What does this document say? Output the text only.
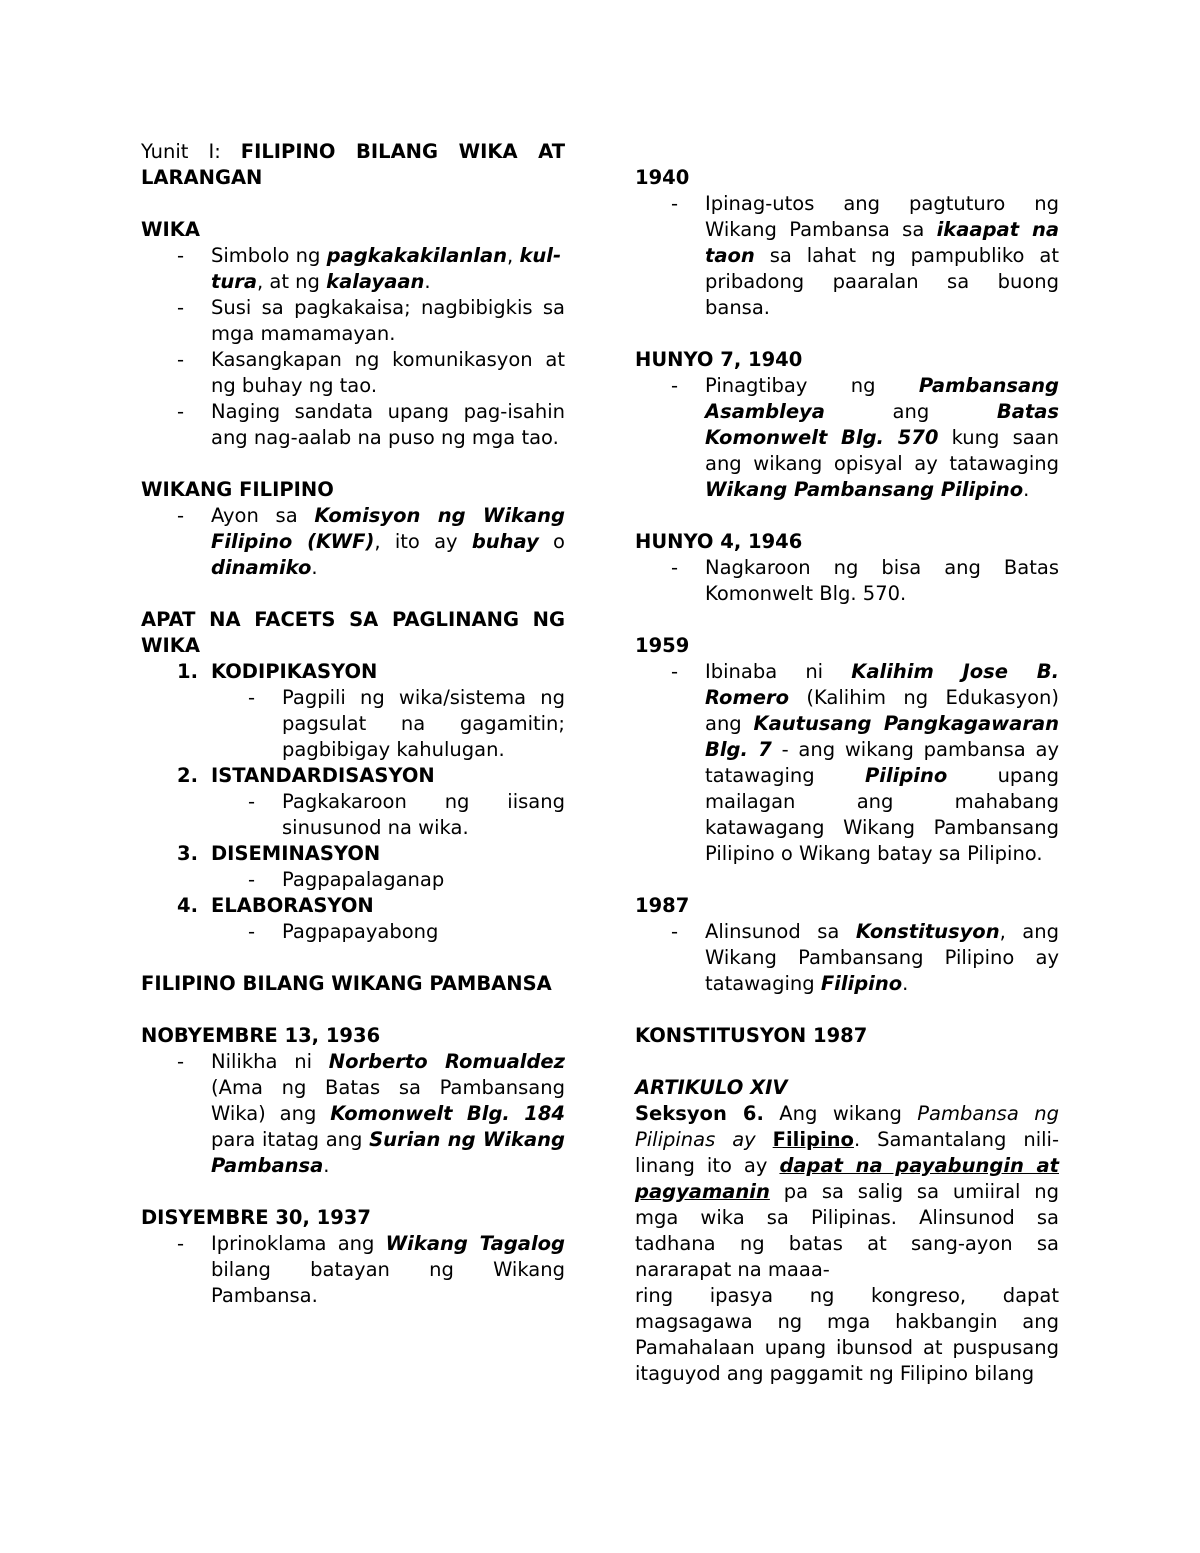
Yunit I: FILIPINO BILANG WIKA AT

LARANGAN

WIKA

- Simbolo ng pagkakakilanlan, kul-
tura, at ng kalayaan.
- Susi sa pagkakaisa; nagbibigkis sa mga mamamayan.
- Kasangkapan ng komunikasyon at ng buhay ng tao.
- Naging sandata upang pag-isahin ang nag-aalab na puso ng mga tao.

WIKANG FILIPINO

- Ayon sa Komisyon ng Wikang Filipino (KWF), ito ay buhay o dinamiko.

APAT NA FACETS SA PAGLINANG NG WIKA

1. KODIPIKASYON
- Pagpili ng wika/sistema ng pagsulat na gagamitin; pagbibigay kahulugan.
2. ISTANDARDISASYON
- Pagkakaroon ng iisang sinusunod na wika.
3. DISEMINASYON
- Pagpapalaganap
4. ELABORASYON
- Pagpapayabong

FILIPINO BILANG WIKANG PAMBANSA

NOBYEMBRE 13, 1936

- Nilikha ni Norberto Romualdez (Ama ng Batas sa Pambansang Wika) ang Komonwelt Blg. 184 para itatag ang Surian ng Wikang Pambansa.

DISYEMBRE 30, 1937

- Iprinoklama ang Wikang Tagalog bilang batayan ng Wikang Pambansa.

1940

- Ipinag-utos ang pagtuturo ng Wikang Pambansa sa ikaapat na taon sa lahat ng pampubliko at pribadong paaralan sa buong bansa.

HUNYO 7, 1940

- Pinagtibay ng Pambansang Asambleya ang Batas Komonwelt Blg. 570 kung saan ang wikang opisyal ay tatawaging Wikang Pambansang Pilipino.

HUNYO 4, 1946

- Nagkaroon ng bisa ang Batas Komonwelt Blg. 570.

1959

- Ibinaba ni Kalihim Jose B. Romero (Kalihim ng Edukasyon) ang Kautusang Pangkagawaran Blg. 7 - ang wikang pambansa ay tatawaging Pilipino upang mailagan ang mahabang katawagang Wikang Pambansang Pilipino o Wikang batay sa Pilipino.

1987

- Alinsunod sa Konstitusyon, ang Wikang Pambansang Pilipino ay tatawaging Filipino.

KONSTITUSYON 1987

ARTIKULO XIV

Seksyon 6. Ang wikang Pambansa ng Pilipinas ay Filipino. Samantalang nili-linang ito ay dapat na payabungin at pagyamanin pa sa salig sa umiiral ng mga wika sa Pilipinas. Alinsunod sa tadhana ng batas at sang-ayon sa nararapat na maaa-

ring ipasya ng kongreso, dapat magsagawa ng mga hakbangin ang Pamahalaan upang ibunsod at puspusang itaguyod ang paggamit ng Filipino bilang
